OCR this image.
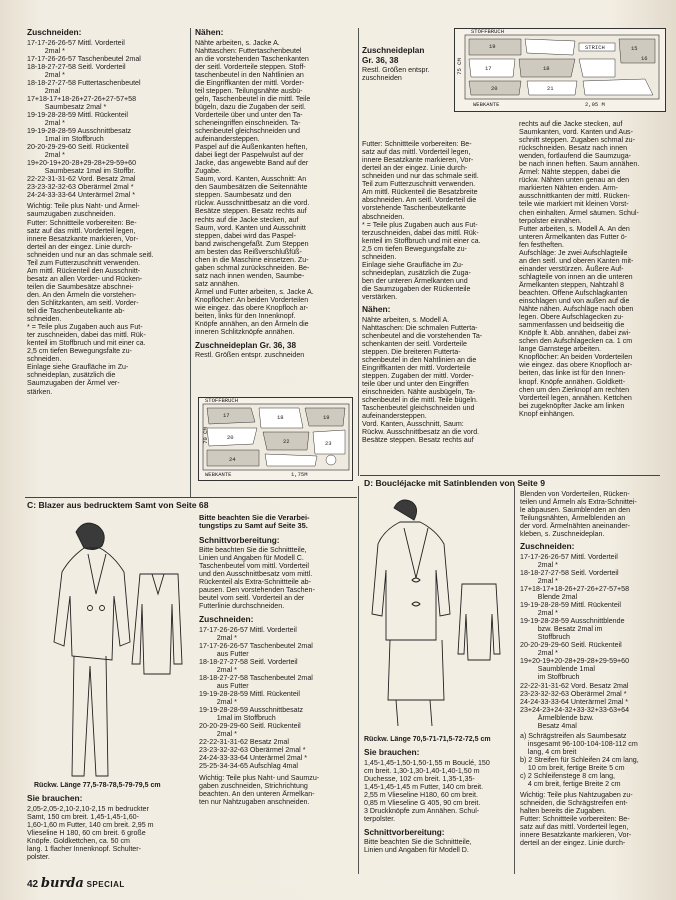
Zuschneiden:
17-17-26-26-57 Mittl. Vorderteil
2mal *
17-17-26-26-57 Taschenbeutel 2mal
18-18-27-27-58 Seitl. Vorderteil
2mal *
18-18-27-27-58 Futtertaschenbeutel
2mal
17+18-17+18-26+27-26+27-57+58
Saumbesatz 2mal *
19-19-28-28-59 Mittl. Rückenteil
2mal *
19-19-28-28-59 Ausschnittbesatz
1mal im Stoffbruch
20-20-29-29-60 Seitl. Rückenteil
2mal *
19+20-19+20-28+29-28+29-59+60
Saumbesatz 1mal im Stoffbr.
22-22-31-31-62 Vord. Besatz 2mal
23-23-32-32-63 Oberärmel 2mal *
24-24-33-33-64 Unterärmel 2mal *
Wichtig: Teile plus Naht- und Ärmel-
saumzugaben zuschneiden.
Futter: Schnittteile vorbereiten: Be-
satz auf das mittl. Vorderteil legen,
innere Besatzkante markieren, Vor-
derteil an der eingez. Linie durch-
schneiden und nur an das schmale seitl.
Teil zum Futterzuschnitt verwenden.
Am mittl. Rückenteil den Ausschnitt-
besatz an allen Vorder- und Rücken-
teilen die Saumbesätze abschnei-
den. An den Ärmeln die vorstehen-
den Schlitzkanten, am seitl. Vorder-
teil die Taschenbeutelkante ab-
schneiden.
* = Teile plus Zugaben auch aus Fut-
ter zuschneiden, dabei das mittl. Rük-
kenteil im Stoffbruch und mit einer ca.
2,5 cm tiefen Bewegungsfalte zu-
schneiden.
Einlage siehe Graufläche im Zu-
schneideplan, zusätzlich die
Saumzugaben der Ärmel ver-
stärken.
Nähen:
Nähte arbeiten, s. Jacke A.
Nahttaschen: Futtertaschenbeutel
an die vorstehenden Taschenkanten
der seitl. Vorderteile steppen. Stoff-
taschenbeutel in den Nahtlinien an
die Eingriffkanten der mittl. Vorder-
teil steppen. Teilungsnähte ausbü-
geln, Taschenbeutel in die mittl. Teile
bügeln, dazu die Zugaben der seitl.
Vorderteile über und unter den Ta-
scheneingriffen einschneiden. Ta-
schenbeutel gleichschneiden und
aufeinandersteppen.
Paspel auf die Außenkanten heften,
dabei liegt der Paspelwulst auf der
Jacke, das angewebte Band auf der
Zugabe.
Saum, vord. Kanten, Ausschnitt: An
den Saumbesätzen die Seitennähte
steppen. Saumbesatz und den
rückw. Ausschnittbesatz an die vord.
Besätze steppen. Besatz rechts auf
rechts auf die Jacke stecken, auf
Saum, vord. Kanten und Ausschnitt
steppen, dabei wird das Paspel-
band zwischengefaßt. Zum Steppen
am besten das Reißverschlußfüß-
chen in die Maschine einsetzen. Zu-
gaben schmal zurückschneiden. Be-
satz nach innen wenden, Saumbe-
satz annähen.
Ärmel und Futter arbeiten, s. Jacke A.
Knopflöcher: An beiden Vorderteilen
wie eingez. das obere Knopfloch ar-
beiten, links für den Innenknopf.
Knöpfe annähen, an den Ärmeln die
inneren Schlitzknöpfe annähen.
Zuschneideplan Gr. 36, 38
Restl. Größen entspr. zuschneiden
STOFFBRUCH
70 CM
WEBKANTE	1,75M
17	18	19
20
22	23
24
Zuschneideplan
Gr. 36, 38
Restl. Größen entspr.
zuschneiden
Futter: Schnittteile vorbereiten: Be-
satz auf das mittl. Vorderteil legen,
innere Besatzkante markieren, Vor-
derteil an der eingez. Linie durch-
schneiden und nur das schmale seitl.
Teil zum Futterzuschnitt verwenden.
Am mittl. Rückenteil die Besatzbreite
abschneiden. Am seitl. Vorderteil die
vorstehende Taschenbeutelkante
abschneiden.
* = Teile plus Zugaben auch aus Fut-
terzuschneiden, dabei das mittl. Rük-
kenteil im Stoffbruch und mit einer ca.
2,5 cm tiefen Bewegungsfalte zu-
schneiden.
Einlage siehe Graufläche im Zu-
schneideplan, zusätzlich die Zuga-
ben der unteren Ärmelkanten und
die Saumzugaben der Rückenteile
verstärken.
Nähen:
Nähte arbeiten, s. Modell A.
Nahttaschen: Die schmalen Futterta-
schenbeutel and die vorstehenden Ta-
schenkanten der seitl. Vorderteile
steppen. Die breiteren Futterta-
schenbeutel in den Nahtlinien an die
Eingriffkanten der mittl. Vorderteile
steppen. Zugaben der mittl. Vorder-
teile über und unter den Eingriffen
einschneiden. Nähte ausbügeln, Ta-
schenbeutel in die mittl. Teile bügeln.
Taschenbeutel gleichschneiden und
aufeinandersteppen.
Vord. Kanten, Ausschnitt, Saum:
Rückw. Ausschnittbesatz an die vord.
Besätze steppen. Besatz rechts auf
STOFFBRUCH
75 CM
WEBKANTE	2,05 M
STRICH
19	15
16
17	18
20	21
rechts auf die Jacke stecken, auf
Saumkanten, vord. Kanten und Aus-
schnitt steppen. Zugaben schmal zu-
rückschneiden. Besatz nach innen
wenden, fortlaufend die Saumzuga-
be nach innen heften. Saum annähen.
Ärmel: Nähte steppen, dabei die
rückw. Nähten unten genau an den
markierten Nähten enden. Arm-
ausschnittkanten der mittl. Rücken-
teile wie markiert mit kleinen Vorst-
chen einhalten. Ärmel säumen. Schul-
terpolster einnähen.
Futter arbeiten, s. Modell A. An den
unteren Ärmelkanten das Futter ö-
fen festheften.
Aufschläge: Je zwei Aufschlagteile
an den seitl. und oberen Kanten mit-
einander verstürzen. Äußere Auf-
schlagteile von innen an die unteren
Ärmelkanten steppen, Nahtzahl 8
beachten. Offene Aufschlagkanten
einschlagen und von außen auf die
Nähte nähen. Aufschläge nach oben
legen. Obere Aufschlagecken zu-
sammenfassen und beidseitig die
Knöpfe lt. Abb. annähen, dabei zwi-
schen den Aufschlagecken ca. 1 cm
lange Garnstege arbeiten.
Knopflöcher: An beiden Vorderteilen
wie eingez. das obere Knopfloch ar-
beiten, das linke ist für den Innen-
knopf. Knöpfe annähen. Goldkett-
chen um den Zierknopf am rechten
Vorderteil legen, annähen. Kettchen
bei zugeknöpfter Jacke am linken
Knopf einhängen.
C: Blazer aus bedrucktem Samt von Seite 68
Rückw. Länge 77,5-78-78,5-79-79,5 cm
Sie brauchen:
2,05-2,05-2,10-2,10-2,15 m bedruckter
Samt, 150 cm breit. 1,45-1,45-1,60-
1,60-1,60 m Futter, 140 cm breit. 2,95 m
Vlieseline H 180, 60 cm breit. 6 große
Knöpfe. Goldkettchen, ca. 50 cm
lang. 1 flacher Innenknopf. Schulter-
polster.
Bitte beachten Sie die Verarbei-
tungstips zu Samt auf Seite 35.
Schnittvorbereitung:
Bitte beachten Sie die Schnittteile,
Linien und Angaben für Modell C.
Taschenbeutel vom mittl. Vorderteil
und den Ausschnittbesatz vom mittl.
Rückenteil als Extra-Schnittteile ab-
pausen. Den vorstehenden Taschen-
beutel vom seitl. Vorderteil an der
Futterlinie durchschneiden.
Zuschneiden:
17-17-26-26-57 Mittl. Vorderteil
2mal *
17-17-26-26-57 Taschenbeutel 2mal
aus Futter
18-18-27-27-58 Seitl. Vorderteil
2mal *
18-18-27-27-58 Taschenbeutel 2mal
aus Futter
19-19-28-28-59 Mittl. Rückenteil
2mal *
19-19-28-28-59 Ausschnittbesatz
1mal im Stoffbruch
20-20-29-29-60 Seitl. Rückenteil
2mal *
22-22-31-31-62 Besatz 2mal
23-23-32-32-63 Oberärmel 2mal *
24-24-33-33-64 Unterärmel 2mal *
25-25-34-34-65 Aufschlag 4mal
Wichtig: Teile plus Naht- und Saumzu-
gaben zuschneiden, Strichrichtung
beachten. An den unteren Ärmelkan-
ten nur Nahtzugaben anschneiden.
D: Boucléjacke mit Satinblenden von Seite 9
Rückw. Länge 70,5-71-71,5-72-72,5 cm
Sie brauchen:
1,45-1,45-1,50-1,50-1,55 m Bouclé, 150
cm breit. 1,30-1,30-1,40-1,40-1,50 m
Duchesse, 102 cm breit. 1,35-1,35-
1,45-1,45-1,45 m Futter, 140 cm breit.
2,55 m Vlieseline H180, 60 cm breit.
0,85 m Vlieseline G 405, 90 cm breit.
3 Druckknöpfe zum Annähen. Schul-
terpolster.
Schnittvorbereitung:
Bitte beachten Sie die Schnittteile,
Linien und Angaben für Modell D.
Blenden von Vorderteilen, Rücken-
teilen und Ärmeln als Extra-Schnittei-
le abpausen. Saumblenden an den
Teilungsnähten, Ärmelblenden an
der vord. Ärmelnähten aneinander-
kleben, s. Zuschneideplan.
Zuschneiden:
17-17-26-26-57 Mittl. Vorderteil
2mal *
18-18-27-27-58 Seitl. Vorderteil
2mal *
17+18-17+18-26+27-26+27-57+58
Blende 2mal
19-19-28-28-59 Mittl. Rückenteil
2mal *
19-19-28-28-59 Ausschnittblende
bzw. Besatz 2mal im
Stoffbruch
20-20-29-29-60 Seitl. Rückenteil
2mal *
19+20-19+20-28+29-28+29-59+60
Saumblende 1mal
im Stoffbruch
22-22-31-31-62 Vord. Besatz 2mal
23-23-32-32-63 Oberärmel 2mal *
24-24-33-33-64 Unterärmel 2mal *
23+24-23+24-32+33-32+33-63+64
Ärmelblende bzw.
Besatz 4mal
a) Schrägstreifen als Saumbesatz
insgesamt 96-100-104-108-112 cm
lang, 4 cm breit
b) 2 Streifen für Schleifen 24 cm lang,
10 cm breit, fertige Breite 5 cm
c) 2 Schleifenstege 8 cm lang,
4 cm breit, fertige Breite 2 cm
Wichtig: Teile plus Nahtzugaben zu-
schneiden, die Schrägstreifen ent-
halten bereits die Zugaben.
Futter: Schnittteile vorbereiten: Be-
satz auf das mittl. Vorderteil legen,
innere Besatzkante markieren, Vor-
derteil an der eingez. Linie durch-
42 burda SPECIAL
